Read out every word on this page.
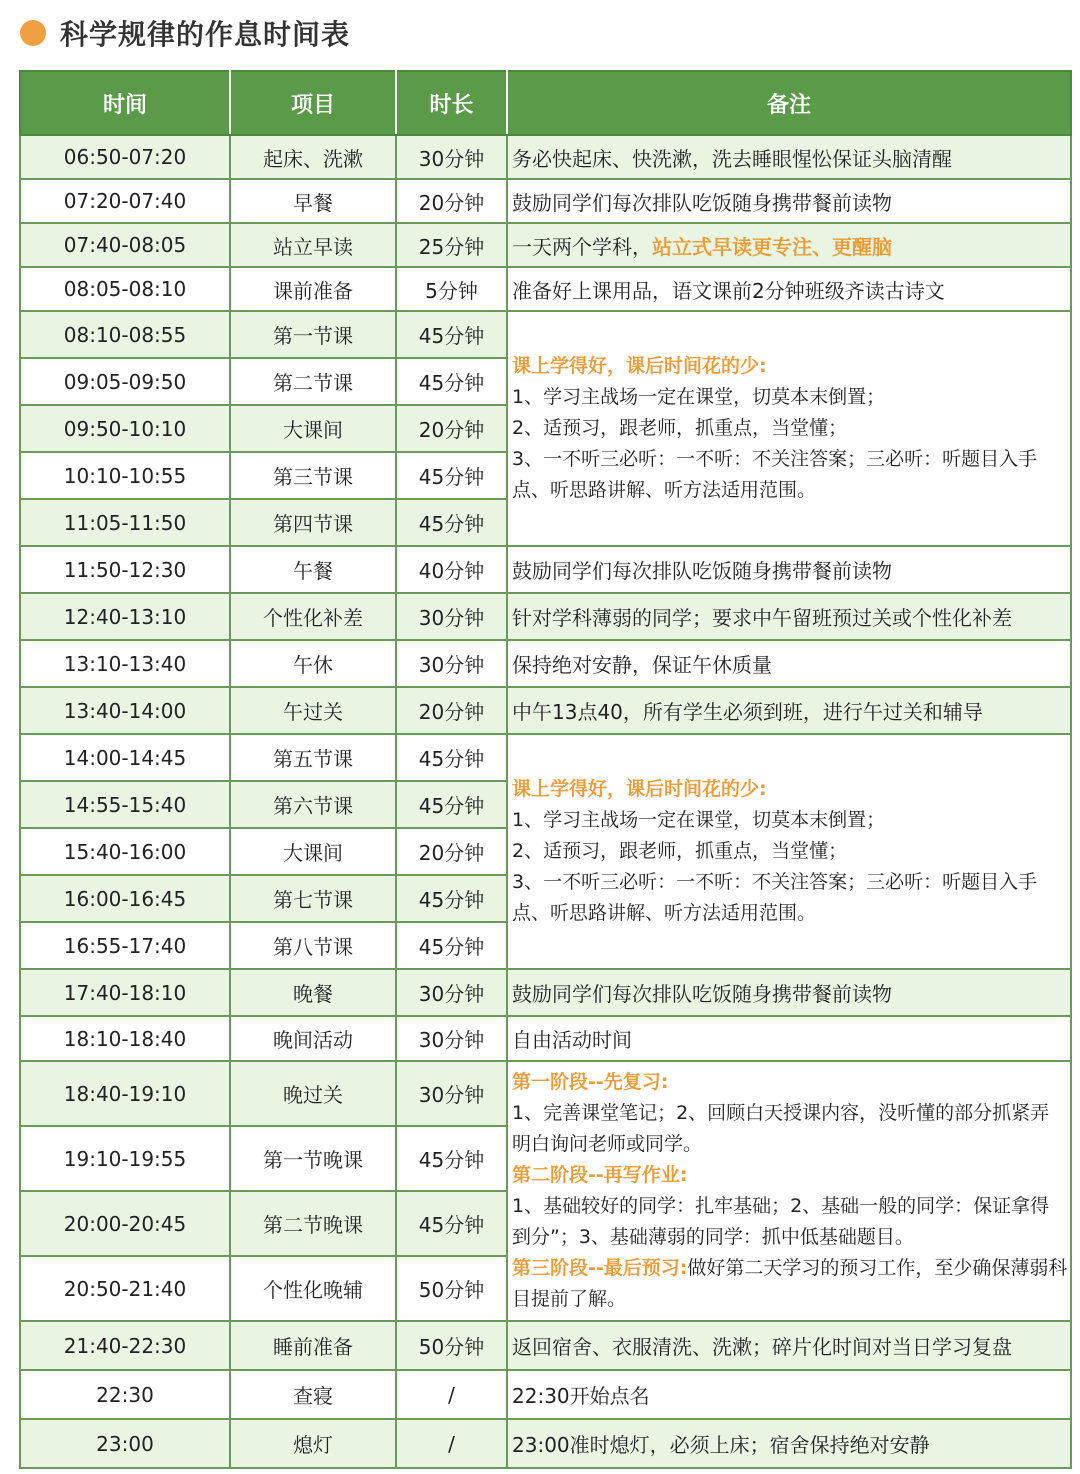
科学规律的作息时间表
时间	项目	时长	备注
06:50-07:20	起床、洗漱	30分钟	务必快起床、快洗漱，洗去睡眼惺忪保证头脑清醒
07:20-07:40	早餐	20分钟	鼓励同学们每次排队吃饭随身携带餐前读物
07:40-08:05	站立早读	25分钟	一天两个学科，站立式早读更专注、更醒脑
08:05-08:10	课前准备	5分钟	准备好上课用品，语文课前2分钟班级齐读古诗文
08:10-08:55	第一节课	45分钟	课上学得好，课后时间花的少:
1、学习主战场一定在课堂，切莫本末倒置；
2、适预习，跟老师，抓重点，当堂懂；
3、一不听三必听：一不听：不关注答案；三必听：听题目入手点、听思路讲解、听方法适用范围。

09:05-09:50	第二节课	45分钟	
09:50-10:10	大课间	20分钟	
10:10-10:55	第三节课	45分钟	
11:05-11:50	第四节课	45分钟	
11:50-12:30	午餐	40分钟	鼓励同学们每次排队吃饭随身携带餐前读物
12:40-13:10	个性化补差	30分钟	针对学科薄弱的同学；要求中午留班预过关或个性化补差
13:10-13:40	午休	30分钟	保持绝对安静，保证午休质量
13:40-14:00	午过关	20分钟	中午13点40，所有学生必须到班，进行午过关和辅导
14:00-14:45	第五节课	45分钟	课上学得好，课后时间花的少:
1、学习主战场一定在课堂，切莫本末倒置；
2、适预习，跟老师，抓重点，当堂懂；
3、一不听三必听：一不听：不关注答案；三必听：听题目入手点、听思路讲解、听方法适用范围。

14:55-15:40	第六节课	45分钟	
15:40-16:00	大课间	20分钟	
16:00-16:45	第七节课	45分钟	
16:55-17:40	第八节课	45分钟	
17:40-18:10	晚餐	30分钟	鼓励同学们每次排队吃饭随身携带餐前读物
18:10-18:40	晚间活动	30分钟	自由活动时间
18:40-19:10	晚过关	30分钟	第一阶段--先复习:
1、完善课堂笔记；2、回顾白天授课内容，没听懂的部分抓紧弄明白询问老师或同学。
第二阶段--再写作业:
1、基础较好的同学：扎牢基础；2、基础一般的同学：保证拿得到分”；3、基础薄弱的同学：抓中低基础题目。
第三阶段--最后预习:做好第二天学习的预习工作，至少确保薄弱科目提前了解。

19:10-19:55	第一节晚课	45分钟	
20:00-20:45	第二节晚课	45分钟	
20:50-21:40	个性化晚辅	50分钟	
21:40-22:30	睡前准备	50分钟	返回宿舍、衣服清洗、洗漱；碎片化时间对当日学习复盘
22:30	查寝	/	22:30开始点名
23:00	熄灯	/	23:00准时熄灯，必须上床；宿舍保持绝对安静
